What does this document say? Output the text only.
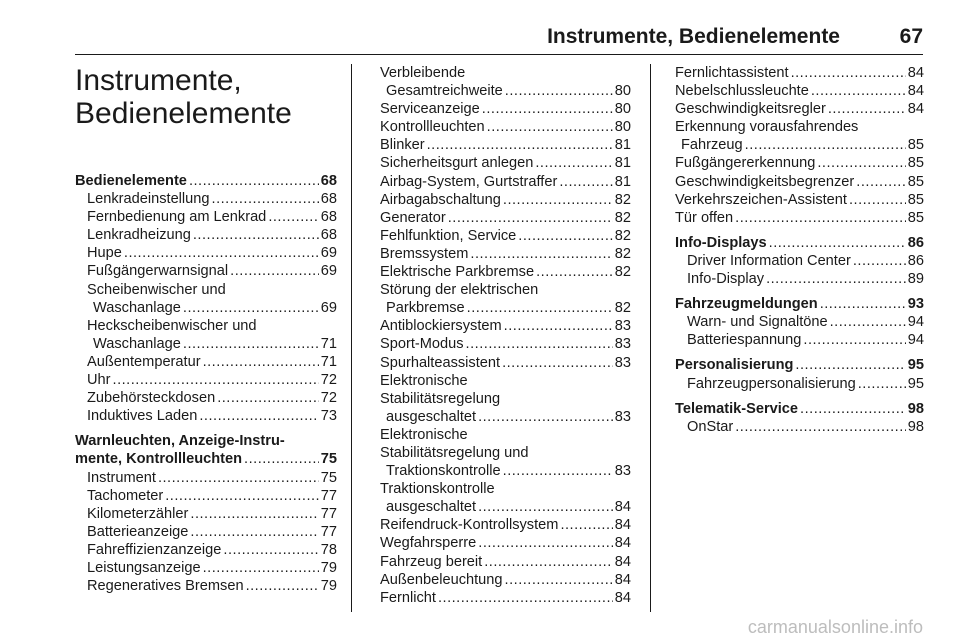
Instrumente, Bedienelemente	67
Instrumente,
Bedienelemente
Bedienelemente .....	68
Lenkradeinstellung .....	68
Fernbedienung am Lenkrad .....	68
Lenkradheizung .....	68
Hupe .....	69
Fußgängerwarnsignal .....	69
Scheibenwischer und
Waschanlage .....	69
Heckscheibenwischer und
Waschanlage .....	71
Außentemperatur .....	71
Uhr .....	72
Zubehörsteckdosen .....	72
Induktives Laden .....	73
Warnleuchten, Anzeige-Instru-
mente, Kontrollleuchten .....	75
Instrument .....	75
Tachometer .....	77
Kilometerzähler .....	77
Batterieanzeige .....	77
Fahreffizienzanzeige .....	78
Leistungsanzeige .....	79
Regeneratives Bremsen .....	79
Verbleibende
Gesamtreichweite .....	80
Serviceanzeige .....	80
Kontrollleuchten .....	80
Blinker .....	81
Sicherheitsgurt anlegen .....	81
Airbag-System, Gurtstraffer .....	81
Airbagabschaltung .....	82
Generator .....	82
Fehlfunktion, Service .....	82
Bremssystem .....	82
Elektrische Parkbremse .....	82
Störung der elektrischen
Parkbremse .....	82
Antiblockiersystem .....	83
Sport-Modus .....	83
Spurhalteassistent .....	83
Elektronische
Stabilitätsregelung
ausgeschaltet .....	83
Elektronische
Stabilitätsregelung und
Traktionskontrolle .....	83
Traktionskontrolle
ausgeschaltet .....	84
Reifendruck-Kontrollsystem .....	84
Wegfahrsperre .....	84
Fahrzeug bereit .....	84
Außenbeleuchtung .....	84
Fernlicht .....	84
Fernlichtassistent .....	84
Nebelschlussleuchte .....	84
Geschwindigkeitsregler .....	84
Erkennung vorausfahrendes
Fahrzeug .....	85
Fußgängererkennung .....	85
Geschwindigkeitsbegrenzer .....	85
Verkehrszeichen-Assistent .....	85
Tür offen .....	85
Info-Displays .....	86
Driver Information Center .....	86
Info-Display .....	89
Fahrzeugmeldungen .....	93
Warn- und Signaltöne .....	94
Batteriespannung .....	94
Personalisierung .....	95
Fahrzeugpersonalisierung .....	95
Telematik-Service .....	98
OnStar .....	98
carmanualsonline.info
